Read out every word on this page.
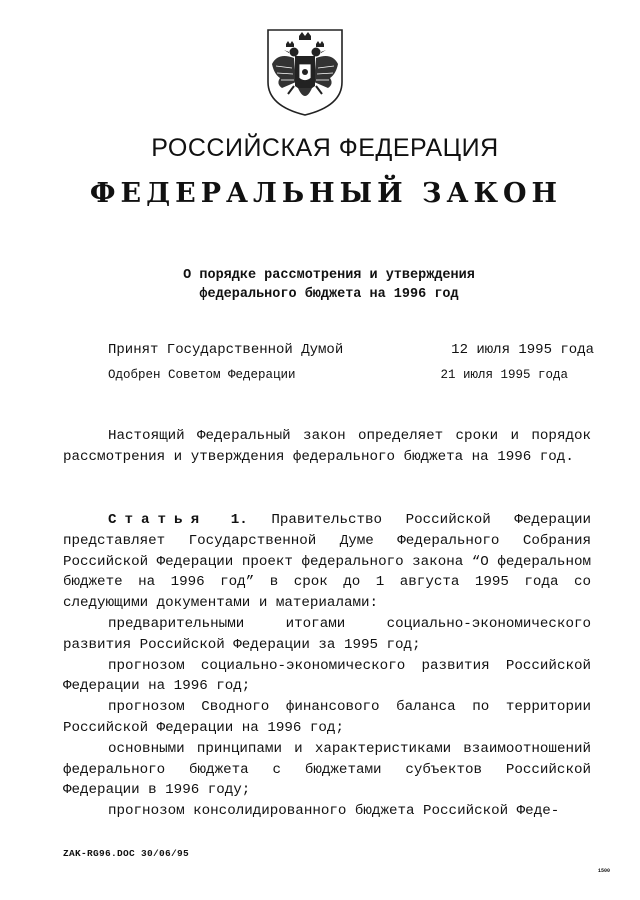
РОССИЙСКАЯ ФЕДЕРАЦИЯ
ФЕДЕРАЛЬНЫЙ ЗАКОН
О порядке рассмотрения и утверждения
федерального бюджета на 1996 год
Принят Государственной Думой	12 июля 1995 года
Одобрен Советом Федерации	21 июля 1995 года

Настоящий Федеральный закон определяет сроки и порядок рассмотрения и утверждения федерального бюджета на 1996 год.

Статья 1. Правительство Российской Федерации представляет Государственной Думе Федерального Собрания Российской Федерации проект федерального закона “О федеральном бюджете на 1996 год” в срок до 1 августа 1995 года со следующими документами и материалами:

предварительными итогами социально-экономического развития Российской Федерации за 1995 год;

прогнозом социально-экономического развития Российской Федерации на 1996 год;

прогнозом Сводного финансового баланса по территории Российской Федерации на 1996 год;

основными принципами и характеристиками взаимоотношений федерального бюджета с бюджетами субъектов Российской Федерации в 1996 году;

прогнозом консолидированного бюджета Российской Феде-

ZAK-RG96.DOC 30/06/95
1500
